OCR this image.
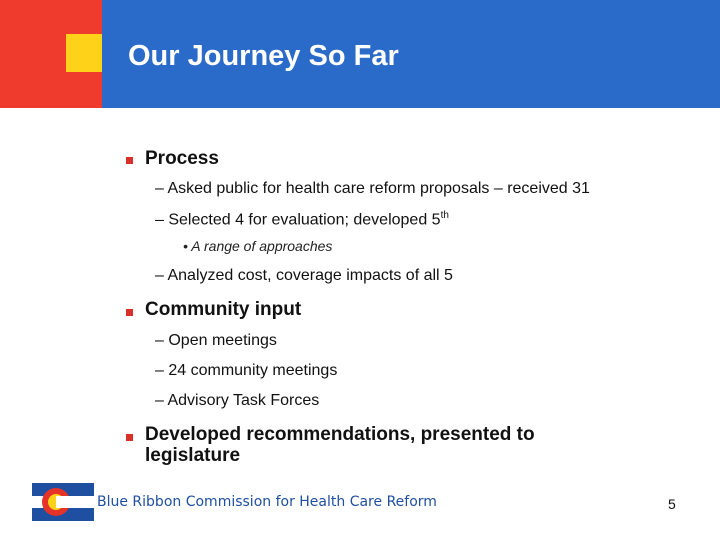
Our Journey So Far
Process
– Asked public for health care reform proposals – received 31
– Selected 4 for evaluation; developed 5th
• A range of approaches
– Analyzed cost, coverage impacts of all 5
Community input
– Open meetings
– 24 community meetings
– Advisory Task Forces
Developed recommendations, presented to
legislature
Blue Ribbon Commission for Health Care Reform	5
